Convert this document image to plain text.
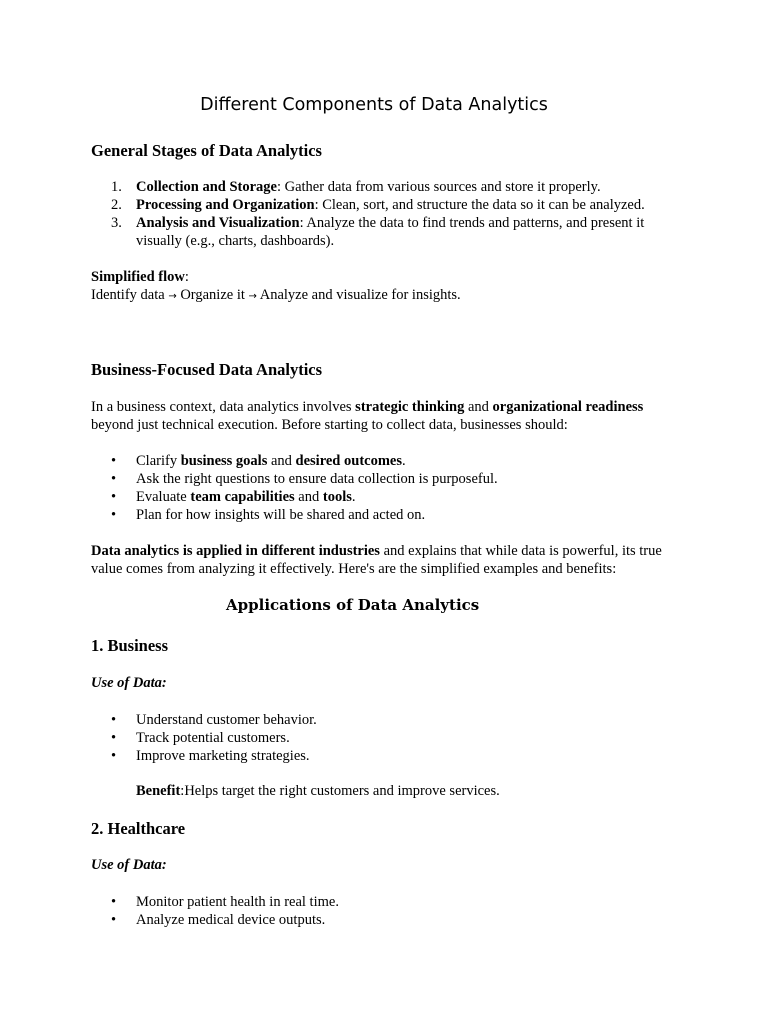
Different Components of Data Analytics
General Stages of Data Analytics
1. Collection and Storage: Gather data from various sources and store it properly.
2. Processing and Organization: Clean, sort, and structure the data so it can be analyzed.
3. Analysis and Visualization: Analyze the data to find trends and patterns, and present it visually (e.g., charts, dashboards).

Simplified flow:
Identify data → Organize it → Analyze and visualize for insights.

Business-Focused Data Analytics

In a business context, data analytics involves strategic thinking and organizational readiness beyond just technical execution. Before starting to collect data, businesses should:

• Clarify business goals and desired outcomes.
• Ask the right questions to ensure data collection is purposeful.
• Evaluate team capabilities and tools.
• Plan for how insights will be shared and acted on.

Data analytics is applied in different industries and explains that while data is powerful, its true value comes from analyzing it effectively. Here's are the simplified examples and benefits:

Applications of Data Analytics
1. Business

Use of Data:

• Understand customer behavior.
• Track potential customers.
• Improve marketing strategies.

Benefit:Helps target the right customers and improve services.

2. Healthcare

Use of Data:

• Monitor patient health in real time.
• Analyze medical device outputs.
